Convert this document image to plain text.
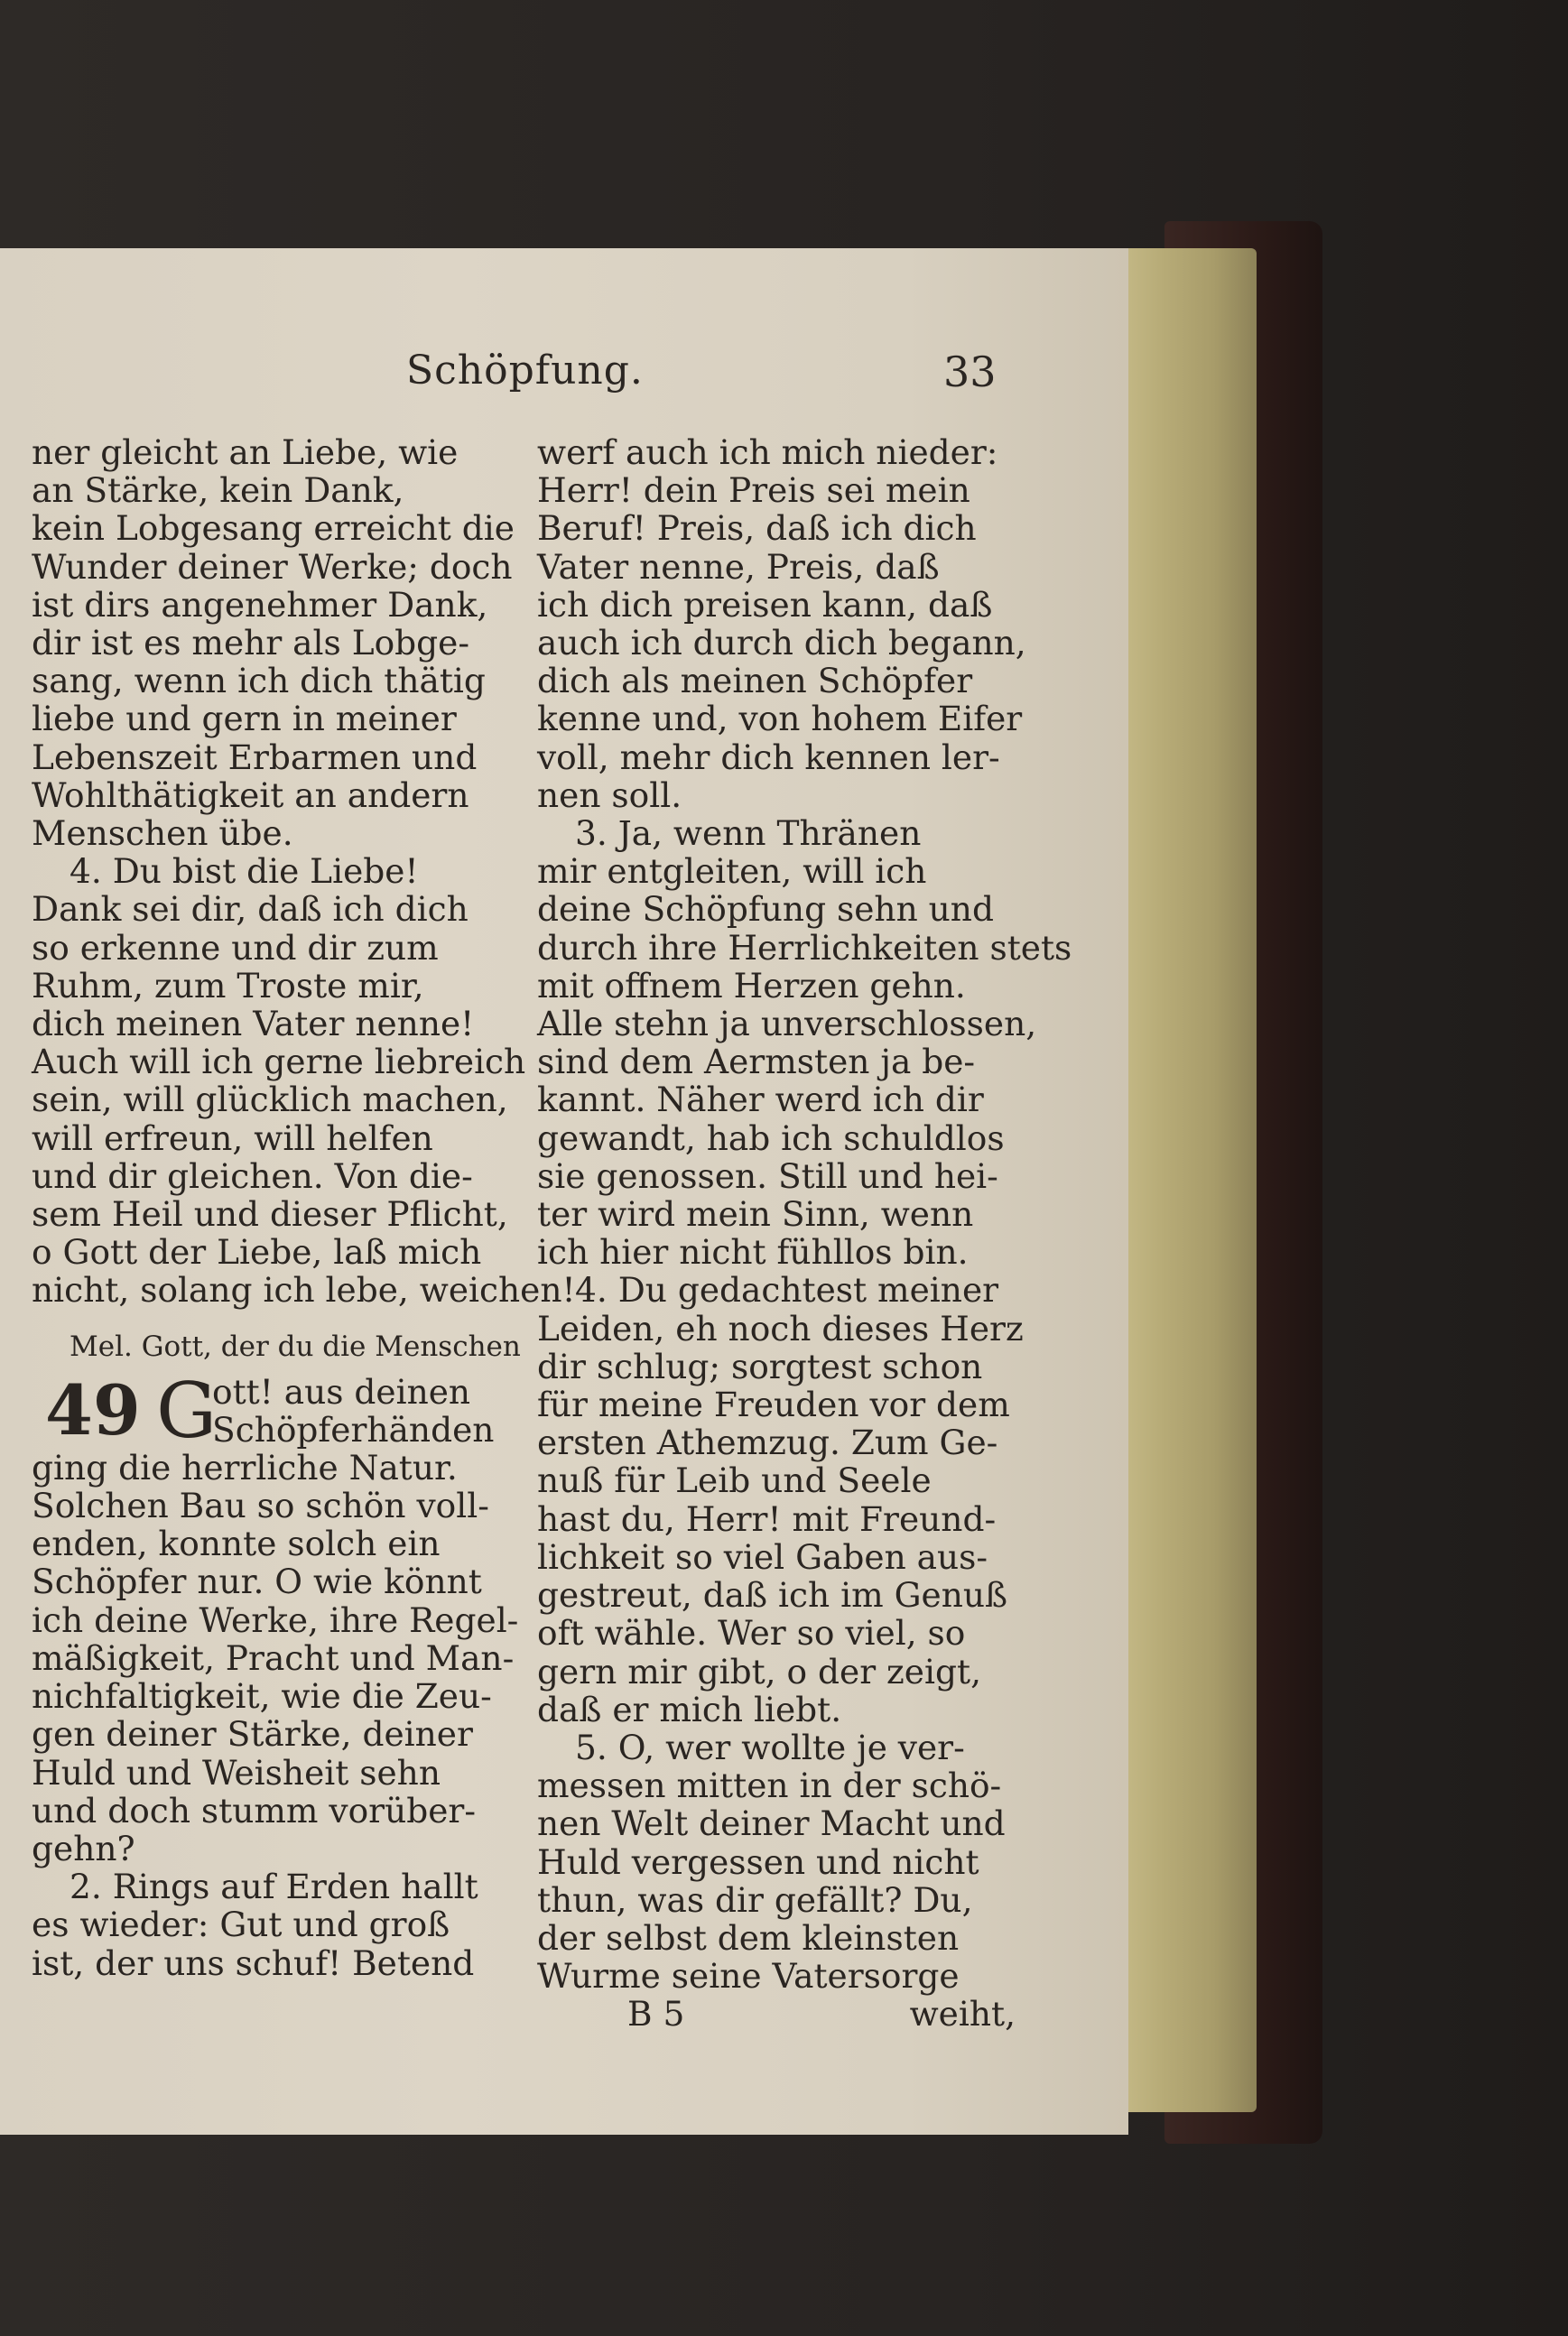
Schöpfung.	33
ner gleicht an Liebe, wie
an Stärke, kein Dank,
kein Lobgesang erreicht die
Wunder deiner Werke; doch
ist dirs angenehmer Dank,
dir ist es mehr als Lobge-
sang, wenn ich dich thätig
liebe und gern in meiner
Lebenszeit Erbarmen und
Wohlthätigkeit an andern
Menschen übe.
4. Du bist die Liebe!
Dank sei dir, daß ich dich
so erkenne und dir zum
Ruhm, zum Troste mir,
dich meinen Vater nenne!
Auch will ich gerne liebreich
sein, will glücklich machen,
will erfreun, will helfen
und dir gleichen. Von die-
sem Heil und dieser Pflicht,
o Gott der Liebe, laß mich
nicht, solang ich lebe, weichen!
Mel. Gott, der du die Menschen
49 G
ott! aus deinen
Schöpferhänden
ging die herrliche Natur.
Solchen Bau so schön voll-
enden, konnte solch ein
Schöpfer nur. O wie könnt
ich deine Werke, ihre Regel-
mäßigkeit, Pracht und Man-
nichfaltigkeit, wie die Zeu-
gen deiner Stärke, deiner
Huld und Weisheit sehn
und doch stumm vorüber-
gehn?
2. Rings auf Erden hallt
es wieder: Gut und groß
ist, der uns schuf! Betend
werf auch ich mich nieder:
Herr! dein Preis sei mein
Beruf! Preis, daß ich dich
Vater nenne, Preis, daß
ich dich preisen kann, daß
auch ich durch dich begann,
dich als meinen Schöpfer
kenne und, von hohem Eifer
voll, mehr dich kennen ler-
nen soll.
3. Ja, wenn Thränen
mir entgleiten, will ich
deine Schöpfung sehn und
durch ihre Herrlichkeiten stets
mit offnem Herzen gehn.
Alle stehn ja unverschlossen,
sind dem Aermsten ja be-
kannt. Näher werd ich dir
gewandt, hab ich schuldlos
sie genossen. Still und hei-
ter wird mein Sinn, wenn
ich hier nicht fühllos bin.
4. Du gedachtest meiner
Leiden, eh noch dieses Herz
dir schlug; sorgtest schon
für meine Freuden vor dem
ersten Athemzug. Zum Ge-
nuß für Leib und Seele
hast du, Herr! mit Freund-
lichkeit so viel Gaben aus-
gestreut, daß ich im Genuß
oft wähle. Wer so viel, so
gern mir gibt, o der zeigt,
daß er mich liebt.
5. O, wer wollte je ver-
messen mitten in der schö-
nen Welt deiner Macht und
Huld vergessen und nicht
thun, was dir gefällt? Du,
der selbst dem kleinsten
Wurme seine Vatersorge
B 5	weiht,
